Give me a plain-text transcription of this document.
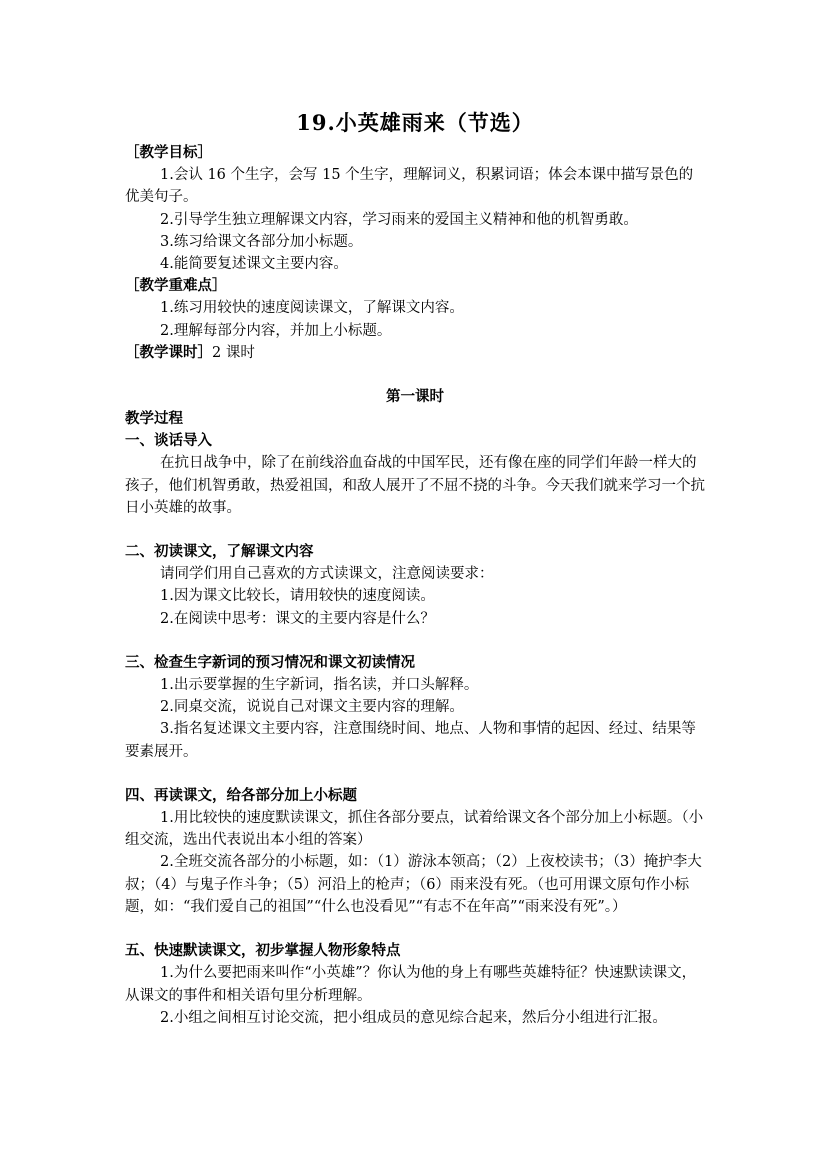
19.小英雄雨来（节选）

［教学目标］

1.会认 16 个生字，会写 15 个生字，理解词义，积累词语；体会本课中描写景色的优美句子。

2.引导学生独立理解课文内容，学习雨来的爱国主义精神和他的机智勇敢。

3.练习给课文各部分加小标题。

4.能简要复述课文主要内容。

［教学重难点］

1.练习用较快的速度阅读课文，了解课文内容。

2.理解每部分内容，并加上小标题。

［教学课时］2 课时

第一课时

教学过程

一、谈话导入

在抗日战争中，除了在前线浴血奋战的中国军民，还有像在座的同学们年龄一样大的孩子，他们机智勇敢，热爱祖国，和敌人展开了不屈不挠的斗争。今天我们就来学习一个抗日小英雄的故事。

二、初读课文，了解课文内容

请同学们用自己喜欢的方式读课文，注意阅读要求：

1.因为课文比较长，请用较快的速度阅读。

2.在阅读中思考：课文的主要内容是什么？

三、检查生字新词的预习情况和课文初读情况

1.出示要掌握的生字新词，指名读，并口头解释。

2.同桌交流，说说自己对课文主要内容的理解。

3.指名复述课文主要内容，注意围绕时间、地点、人物和事情的起因、经过、结果等要素展开。

四、再读课文，给各部分加上小标题

1.用比较快的速度默读课文，抓住各部分要点，试着给课文各个部分加上小标题。（小组交流，选出代表说出本小组的答案）

2.全班交流各部分的小标题，如：（1）游泳本领高；（2）上夜校读书；（3）掩护李大叔；（4）与鬼子作斗争；（5）河沿上的枪声；（6）雨来没有死。（也可用课文原句作小标题，如：“我们爱自己的祖国”“什么也没看见”“有志不在年高”“雨来没有死”。）

五、快速默读课文，初步掌握人物形象特点

1.为什么要把雨来叫作“小英雄”？你认为他的身上有哪些英雄特征？快速默读课文，从课文的事件和相关语句里分析理解。

2.小组之间相互讨论交流，把小组成员的意见综合起来，然后分小组进行汇报。
